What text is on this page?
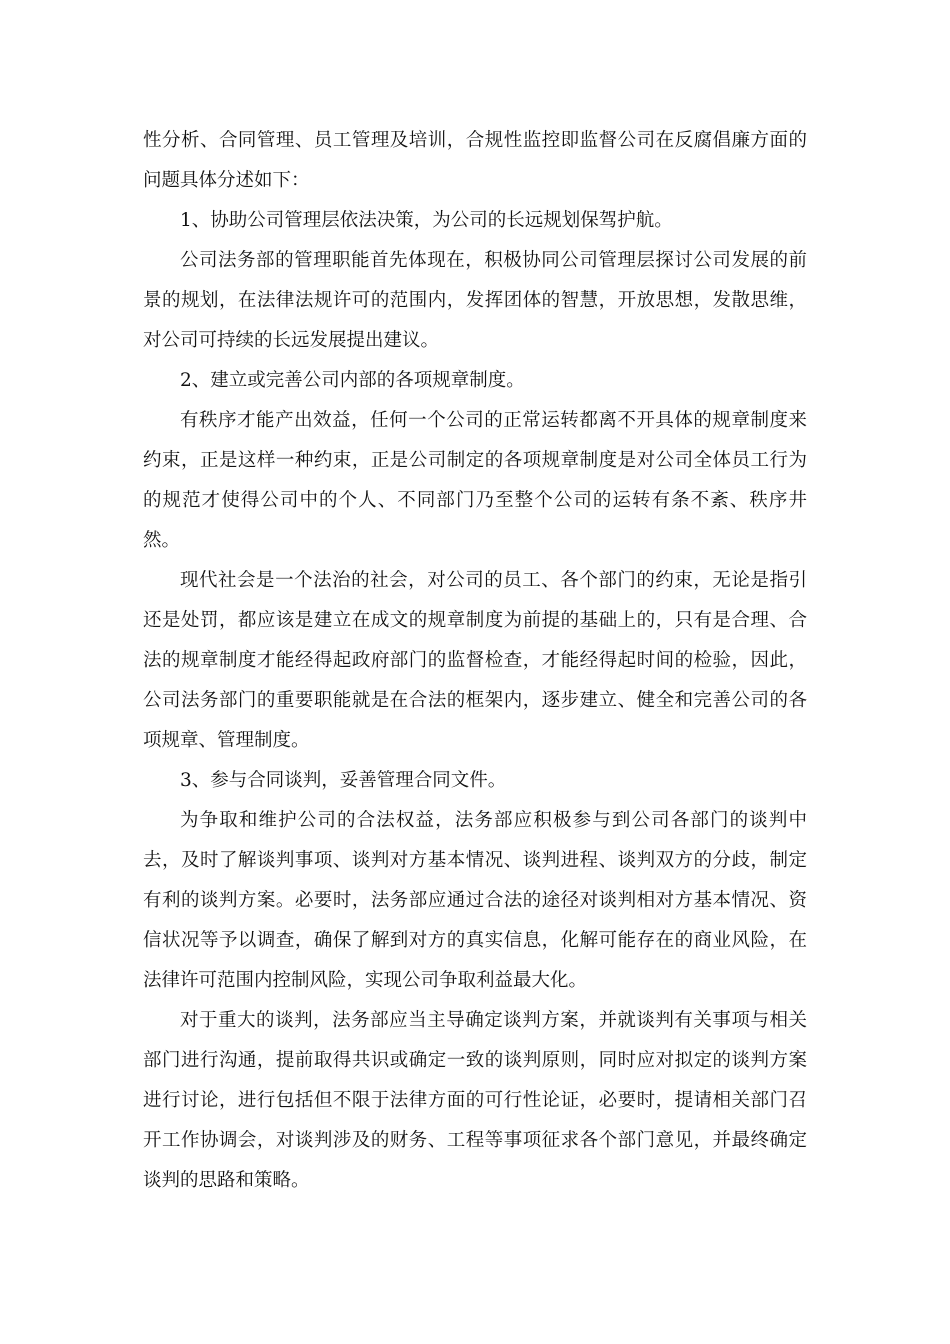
性分析、合同管理、员工管理及培训，合规性监控即监督公司在反腐倡廉方面的问题具体分述如下：

1、协助公司管理层依法决策，为公司的长远规划保驾护航。

公司法务部的管理职能首先体现在，积极协同公司管理层探讨公司发展的前景的规划，在法律法规许可的范围内，发挥团体的智慧，开放思想，发散思维，对公司可持续的长远发展提出建议。

2、建立或完善公司内部的各项规章制度。

有秩序才能产出效益，任何一个公司的正常运转都离不开具体的规章制度来约束，正是这样一种约束，正是公司制定的各项规章制度是对公司全体员工行为的规范才使得公司中的个人、不同部门乃至整个公司的运转有条不紊、秩序井然。

现代社会是一个法治的社会，对公司的员工、各个部门的约束，无论是指引还是处罚，都应该是建立在成文的规章制度为前提的基础上的，只有是合理、合法的规章制度才能经得起政府部门的监督检查，才能经得起时间的检验，因此，公司法务部门的重要职能就是在合法的框架内，逐步建立、健全和完善公司的各项规章、管理制度。

3、参与合同谈判，妥善管理合同文件。

为争取和维护公司的合法权益，法务部应积极参与到公司各部门的谈判中去，及时了解谈判事项、谈判对方基本情况、谈判进程、谈判双方的分歧，制定有利的谈判方案。必要时，法务部应通过合法的途径对谈判相对方基本情况、资信状况等予以调查，确保了解到对方的真实信息，化解可能存在的商业风险，在法律许可范围内控制风险，实现公司争取利益最大化。

对于重大的谈判，法务部应当主导确定谈判方案，并就谈判有关事项与相关部门进行沟通，提前取得共识或确定一致的谈判原则，同时应对拟定的谈判方案进行讨论，进行包括但不限于法律方面的可行性论证，必要时，提请相关部门召开工作协调会，对谈判涉及的财务、工程等事项征求各个部门意见，并最终确定谈判的思路和策略。
